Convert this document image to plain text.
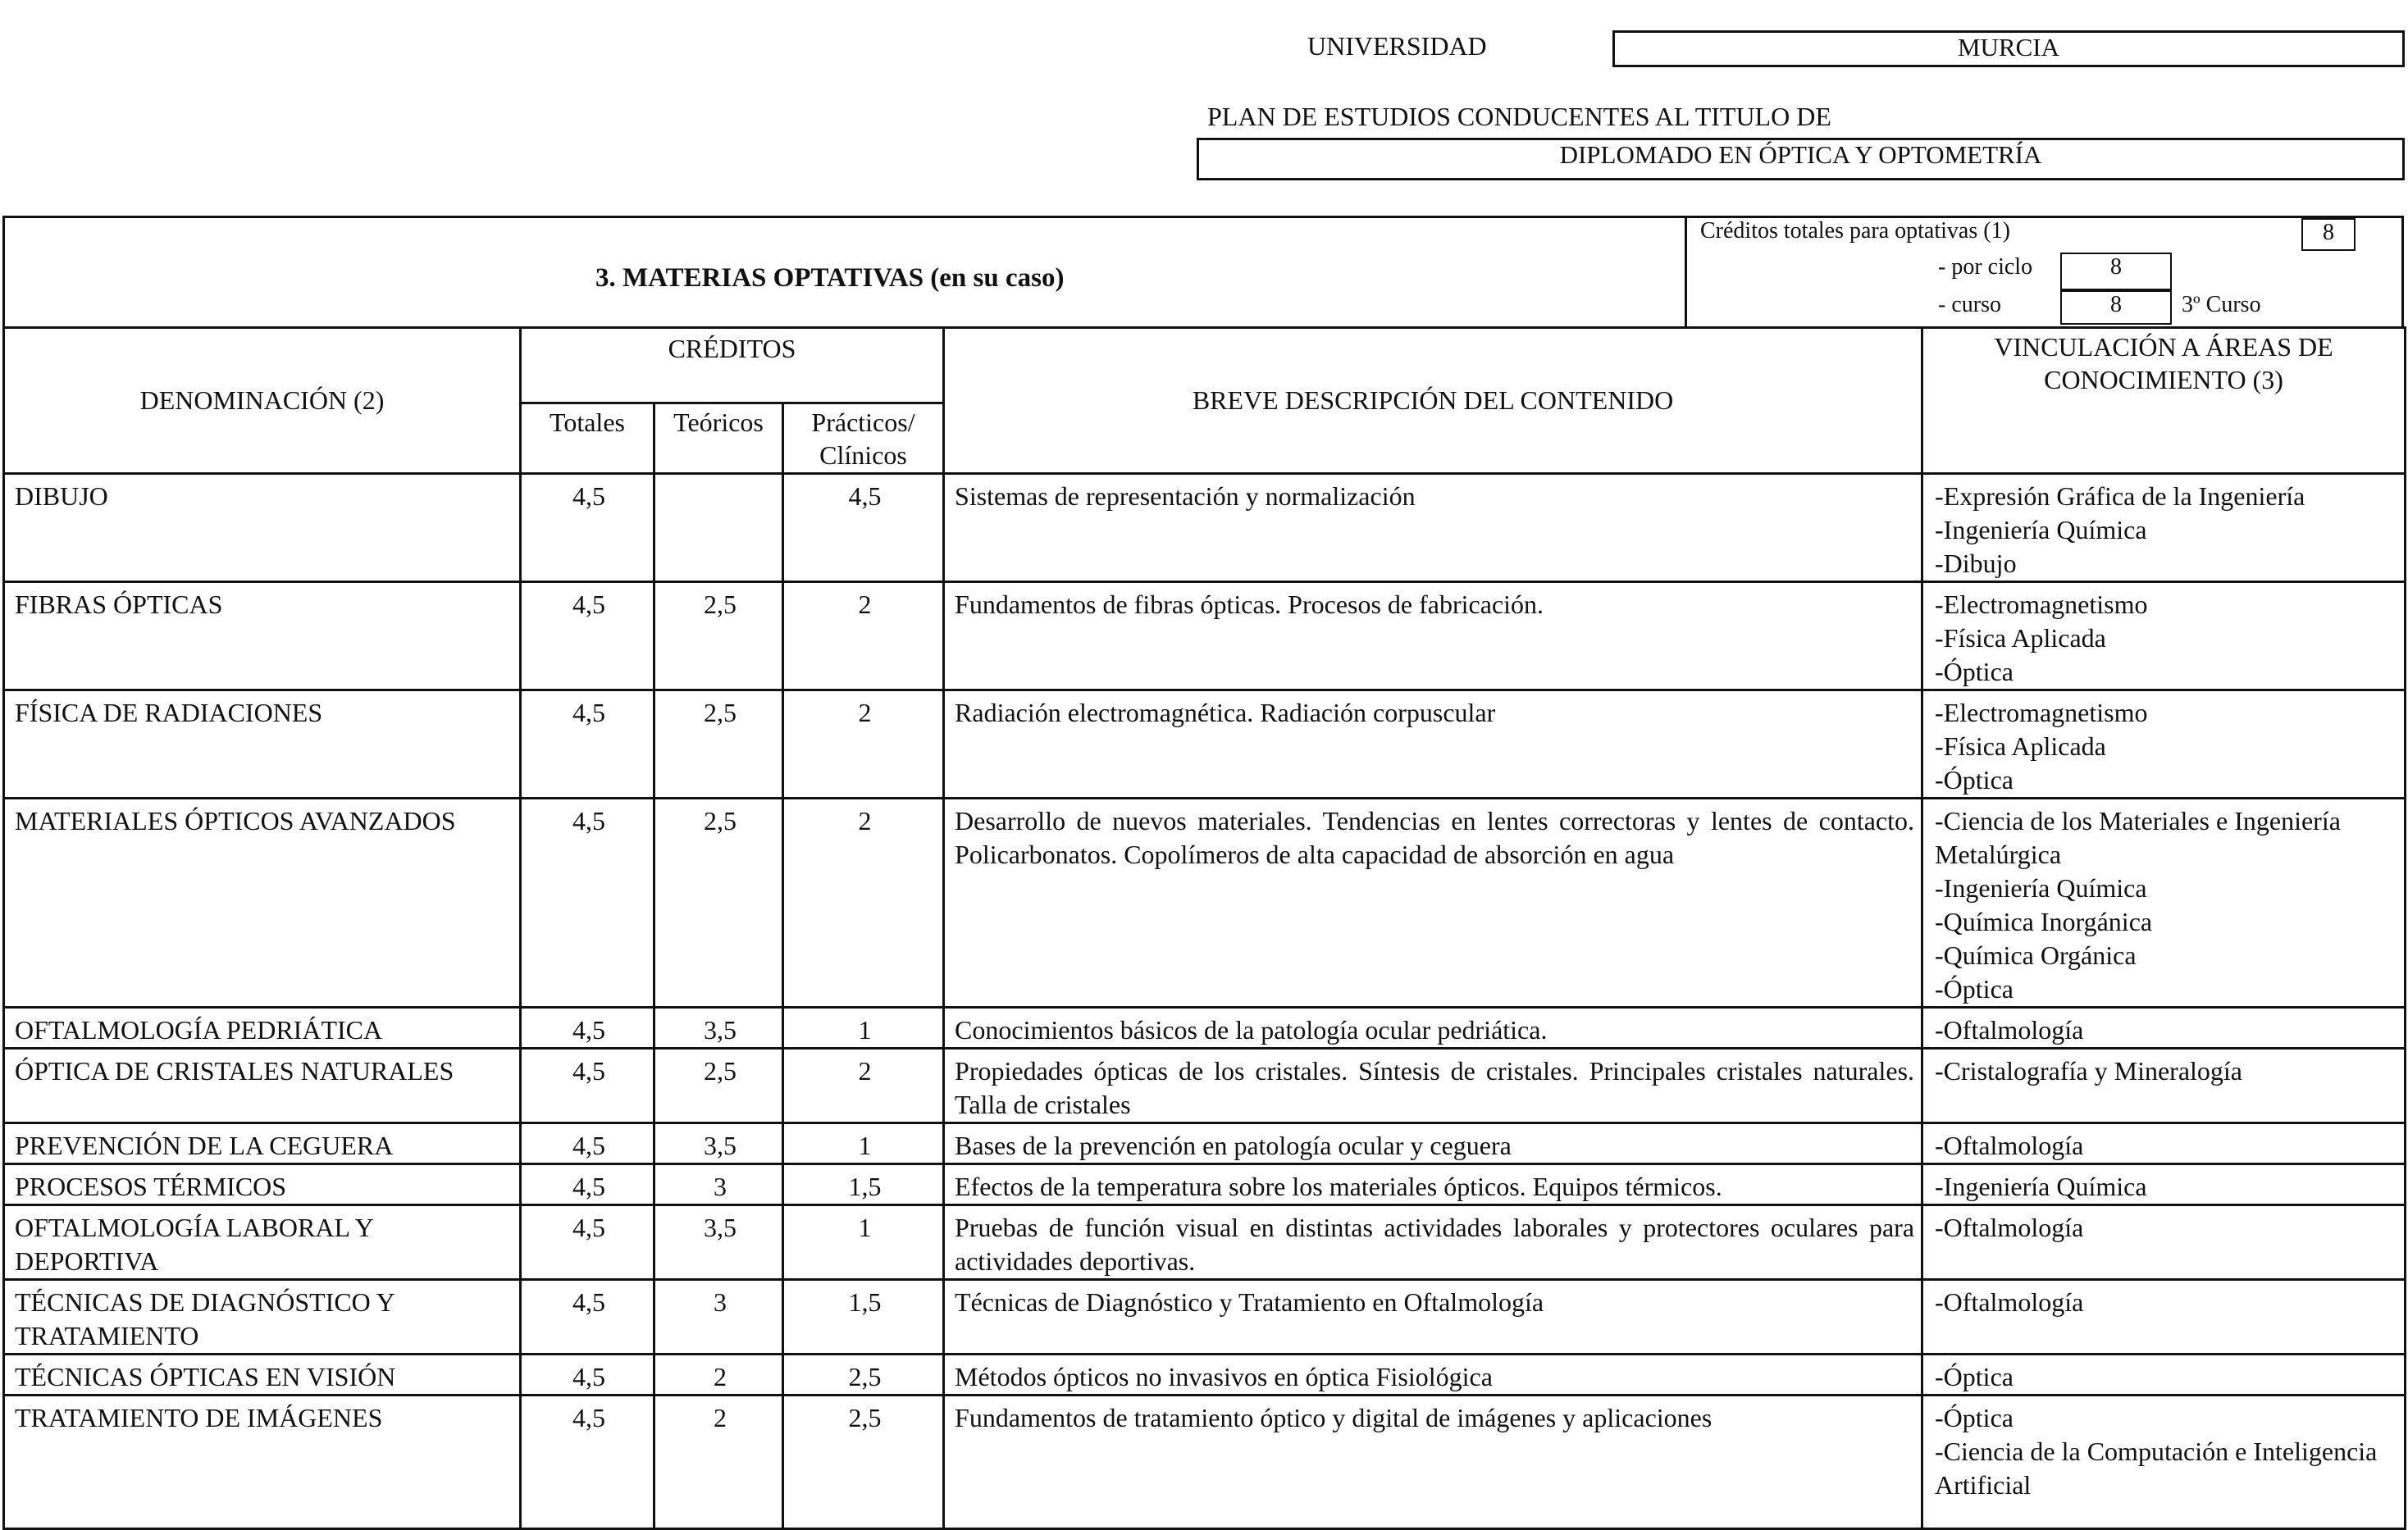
UNIVERSIDAD	MURCIA
PLAN DE ESTUDIOS CONDUCENTES AL TITULO DE
DIPLOMADO EN ÓPTICA Y OPTOMETRÍA
3. MATERIAS OPTATIVAS (en su caso)
Créditos totales para optativas (1)	8
- por ciclo	8
- curso	8	3º Curso
DENOMINACIÓN (2)	CRÉDITOS			BREVE DESCRIPCIÓN DEL CONTENIDO	VINCULACIÓN A ÁREAS DE CONOCIMIENTO (3)
	Totales	Teóricos	Prácticos/ Clínicos		
DIBUJO	4,5		4,5	Sistemas de representación y normalización	-Expresión Gráfica de la Ingeniería
-Ingeniería Química
-Dibujo

FIBRAS ÓPTICAS	4,5	2,5	2	Fundamentos de fibras ópticas. Procesos de fabricación.	-Electromagnetismo
-Física Aplicada
-Óptica

FÍSICA DE RADIACIONES	4,5	2,5	2	Radiación electromagnética. Radiación corpuscular	-Electromagnetismo
-Física Aplicada
-Óptica

MATERIALES ÓPTICOS AVANZADOS	4,5	2,5	2	Desarrollo de nuevos materiales. Tendencias en lentes correctoras y lentes de contacto. Policarbonatos. Copolímeros de alta capacidad de absorción en agua	-Ciencia de los Materiales e Ingeniería Metalúrgica
-Ingeniería Química
-Química Inorgánica
-Química Orgánica
-Óptica

OFTALMOLOGÍA PEDRIÁTICA	4,5	3,5	1	Conocimientos básicos de la patología ocular pedriática.	-Oftalmología

ÓPTICA DE CRISTALES NATURALES	4,5	2,5	2	Propiedades ópticas de los cristales. Síntesis de cristales. Principales cristales naturales. Talla de cristales	-Cristalografía y Mineralogía

PREVENCIÓN DE LA CEGUERA	4,5	3,5	1	Bases de la prevención en patología ocular y ceguera	-Oftalmología

PROCESOS TÉRMICOS	4,5	3	1,5	Efectos de la temperatura sobre los materiales ópticos. Equipos térmicos.	-Ingeniería Química

OFTALMOLOGÍA LABORAL Y DEPORTIVA	4,5	3,5	1	Pruebas de función visual en distintas actividades laborales y protectores oculares para actividades deportivas.	-Oftalmología

TÉCNICAS DE DIAGNÓSTICO Y TRATAMIENTO	4,5	3	1,5	Técnicas de Diagnóstico y Tratamiento en Oftalmología	-Oftalmología

TÉCNICAS ÓPTICAS EN VISIÓN	4,5	2	2,5	Métodos ópticos no invasivos en óptica Fisiológica	-Óptica

TRATAMIENTO DE IMÁGENES	4,5	2	2,5	Fundamentos de tratamiento óptico y digital de imágenes y aplicaciones	-Óptica
-Ciencia de la Computación e Inteligencia Artificial
